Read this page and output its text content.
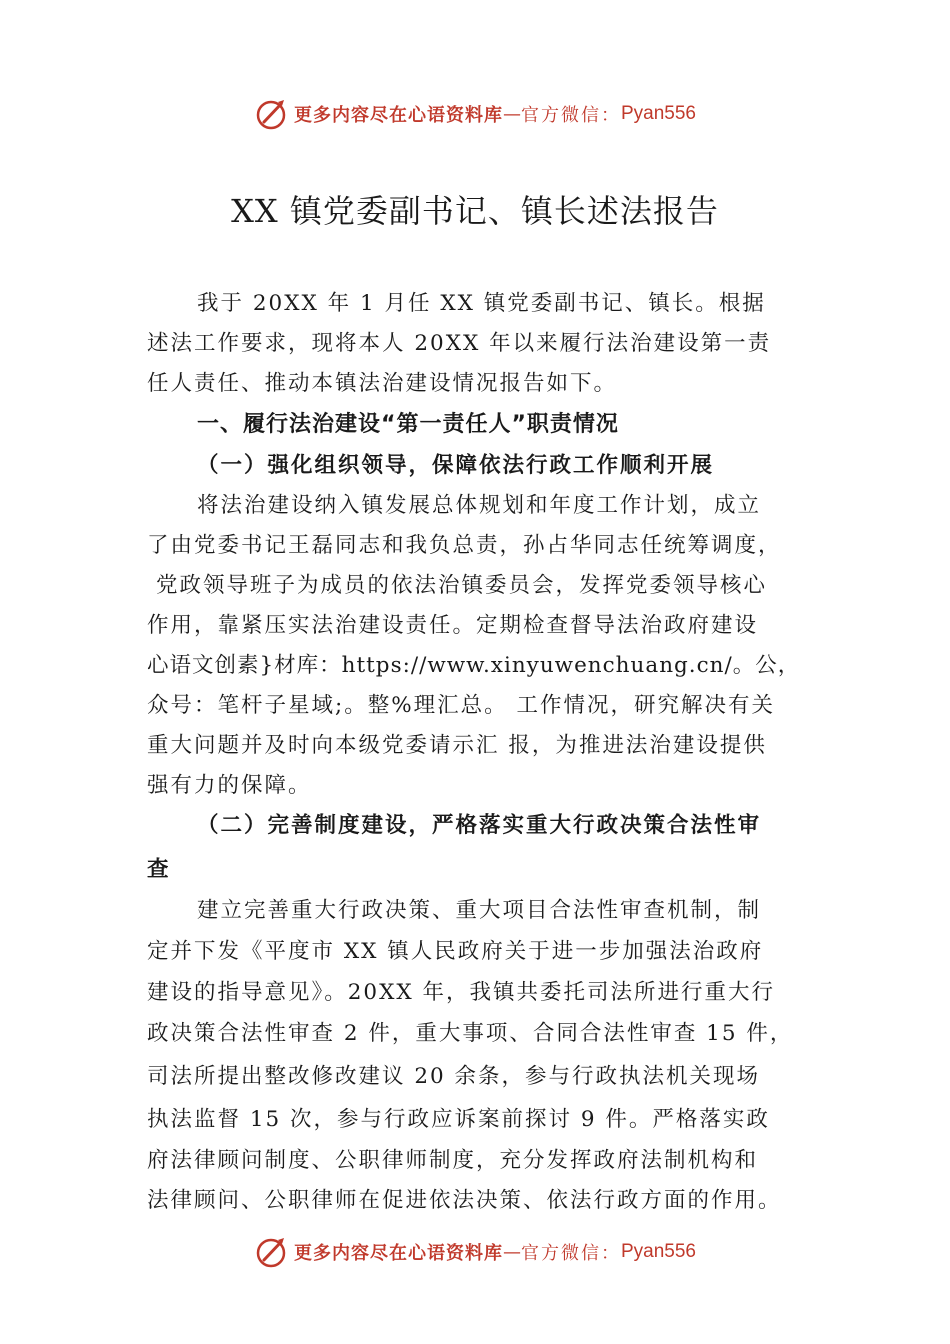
更多内容尽在心语资料库 — 官方微信： Pyan556
XX 镇党委副书记、镇长述法报告
我于 20XX 年 1 月任 XX 镇党委副书记、镇长。根据
述法工作要求，现将本人 20XX 年以来履行法治建设第一责
任人责任、推动本镇法治建设情况报告如下。
一、履行法治建设“第一责任人”职责情况
（一）强化组织领导，保障依法行政工作顺利开展
将法治建设纳入镇发展总体规划和年度工作计划，成立
了由党委书记王磊同志和我负总责，孙占华同志任统筹调度，
党政领导班子为成员的依法治镇委员会，发挥党委领导核心
作用，靠紧压实法治建设责任。定期检查督导法治政府建设
心语文创素}材库：https://www.xinyuwenchuang.cn/。公，
众号：笔杆子星域;。整%理汇总。 工作情况，研究解决有关
重大问题并及时向本级党委请示汇 报，为推进法治建设提供
强有力的保障。
（二）完善制度建设，严格落实重大行政决策合法性审
查
建立完善重大行政决策、重大项目合法性审查机制，制
定并下发《平度市 XX 镇人民政府关于进一步加强法治政府
建设的指导意见》。20XX 年，我镇共委托司法所进行重大行
政决策合法性审查 2 件，重大事项、合同合法性审查 15 件，
司法所提出整改修改建议 20 余条，参与行政执法机关现场
执法监督 15 次，参与行政应诉案前探讨 9 件。严格落实政
府法律顾问制度、公职律师制度，充分发挥政府法制机构和
法律顾问、公职律师在促进依法决策、依法行政方面的作用。
更多内容尽在心语资料库 — 官方微信： Pyan556
